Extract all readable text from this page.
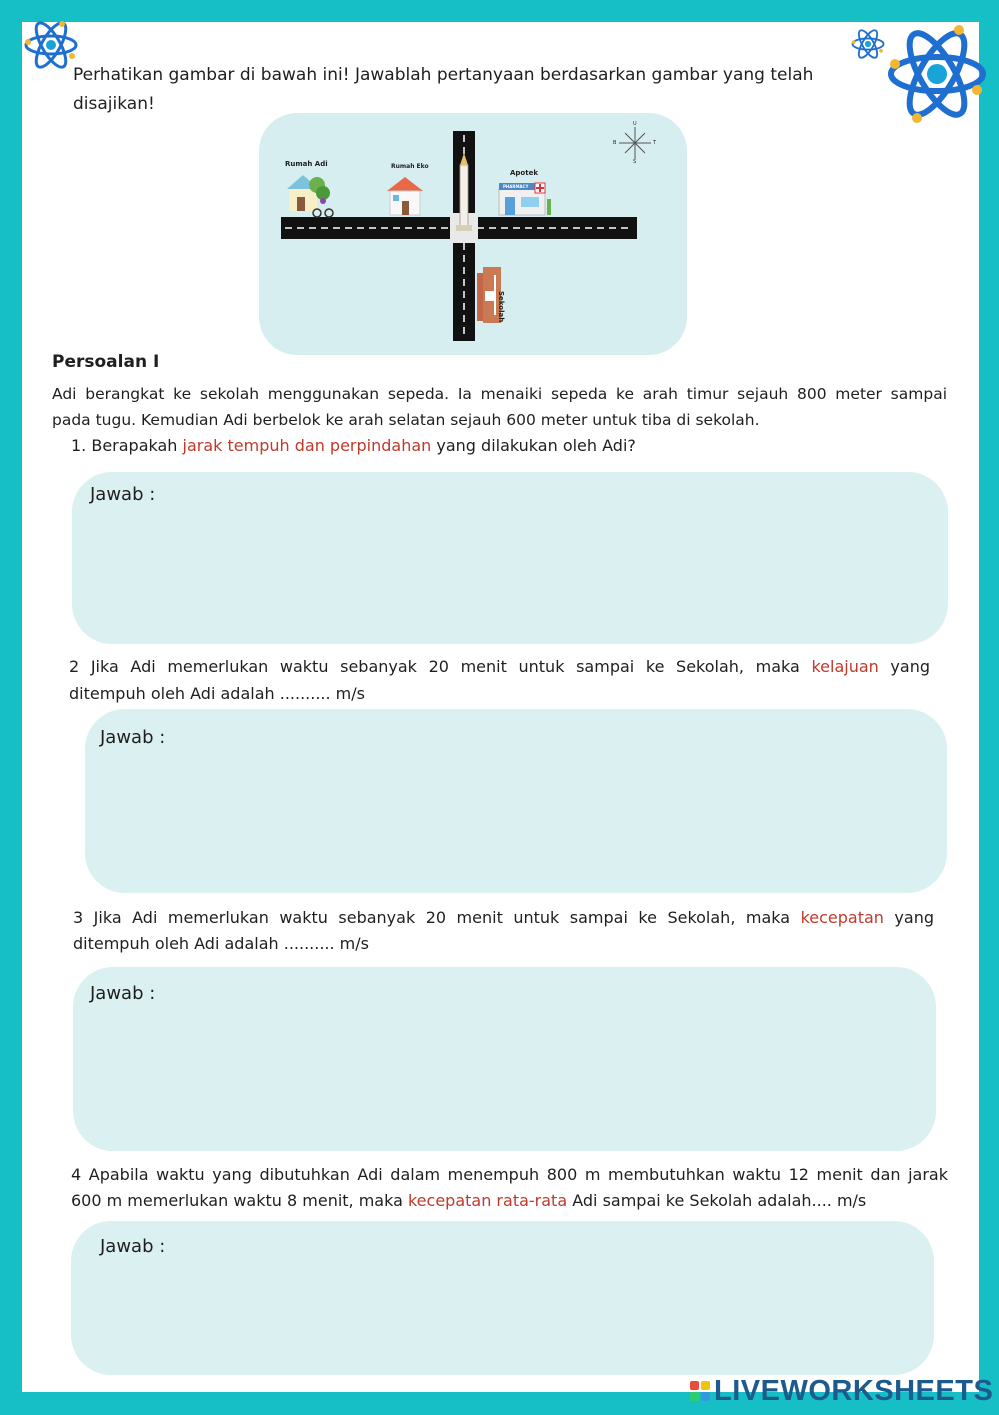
Perhatikan gambar di bawah ini! Jawablah pertanyaan berdasarkan gambar yang telah
disajikan!
Rumah Adi	Rumah Eko
Apotek
PHARMACY
Sekolah
U
S
T
B
Persoalan I
Adi berangkat ke sekolah menggunakan sepeda. Ia menaiki sepeda ke arah timur sejauh 800 meter sampai
pada tugu. Kemudian Adi berbelok ke arah selatan sejauh 600 meter untuk tiba di sekolah.
1. Berapakah jarak tempuh dan perpindahan yang dilakukan oleh Adi?
Jawab :
2 Jika Adi memerlukan waktu sebanyak 20 menit untuk sampai ke Sekolah, maka kelajuan yang
ditempuh oleh Adi adalah .......... m/s
Jawab :
3 Jika Adi memerlukan waktu sebanyak 20 menit untuk sampai ke Sekolah, maka kecepatan yang
ditempuh oleh Adi adalah .......... m/s
Jawab :
4 Apabila waktu yang dibutuhkan Adi dalam menempuh 800 m membutuhkan waktu 12 menit dan jarak
600 m memerlukan waktu 8 menit, maka kecepatan rata-rata Adi sampai ke Sekolah adalah.... m/s
Jawab :
LIVEWORKSHEETS
